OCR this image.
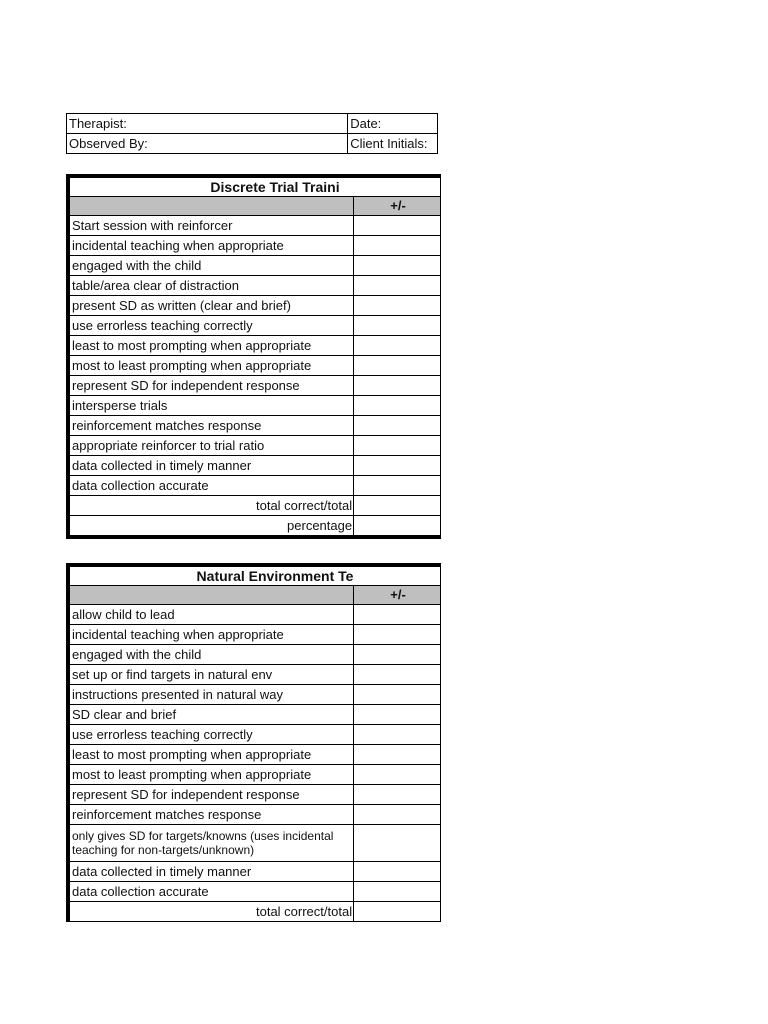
Therapist:	Date:
Observed By:	Client Initials:
Discrete Trial Traini	
	+/-
Start session with reinforcer	
incidental teaching when appropriate	
engaged with the child	
table/area clear of distraction	
present SD as written (clear and brief)	
use errorless teaching correctly	
least to most prompting when appropriate	
most to least prompting when appropriate	
represent SD for independent response	
intersperse trials	
reinforcement matches response	
appropriate reinforcer to trial ratio	
data collected in timely manner	
data collection accurate	
total correct/total	
percentage	
Natural Environment Te	
	+/-
allow child to lead	
incidental teaching when appropriate	
engaged with the child	
set up or find targets in natural env	
instructions presented in natural way	
SD clear and brief	
use errorless teaching correctly	
least to most prompting when appropriate	
most to least prompting when appropriate	
represent SD for independent response	
reinforcement matches response	
only gives SD for targets/knowns (uses incidental teaching for non-targets/unknown)	
data collected in timely manner	
data collection accurate	
total correct/total	
